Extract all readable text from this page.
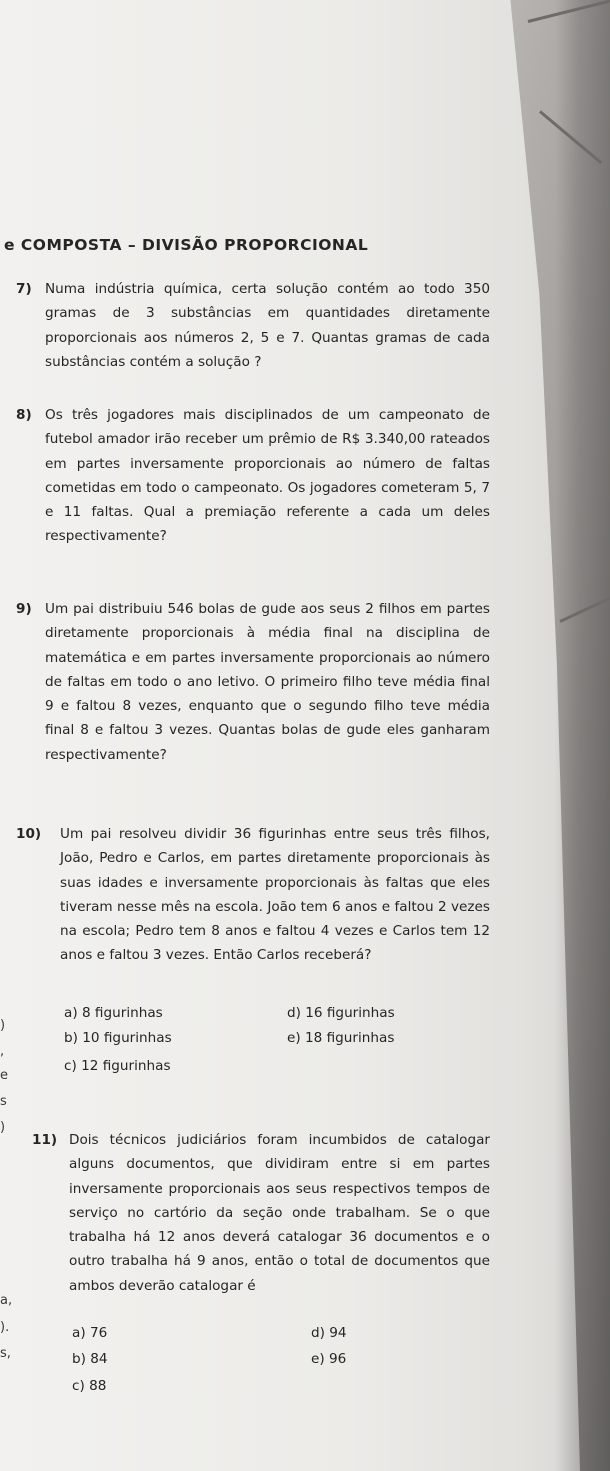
e COMPOSTA – DIVISÃO PROPORCIONAL
7) Numa indústria química, certa solução contém ao todo 350 gramas de 3 substâncias em quantidades diretamente proporcionais aos números 2, 5 e 7. Quantas gramas de cada substâncias contém a solução ?
8) Os três jogadores mais disciplinados de um campeonato de futebol amador irão receber um prêmio de R$ 3.340,00 rateados em partes inversamente proporcionais ao número de faltas cometidas em todo o campeonato. Os jogadores cometeram 5, 7 e 11 faltas. Qual a premiação referente a cada um deles respectivamente?
9) Um pai distribuiu 546 bolas de gude aos seus 2 filhos em partes diretamente proporcionais à média final na disciplina de matemática e em partes inversamente proporcionais ao número de faltas em todo o ano letivo. O primeiro filho teve média final 9 e faltou 8 vezes, enquanto que o segundo filho teve média final 8 e faltou 3 vezes. Quantas bolas de gude eles ganharam respectivamente?
10) Um pai resolveu dividir 36 figurinhas entre seus três filhos, João, Pedro e Carlos, em partes diretamente proporcionais às suas idades e inversamente proporcionais às faltas que eles tiveram nesse mês na escola. João tem 6 anos e faltou 2 vezes na escola; Pedro tem 8 anos e faltou 4 vezes e Carlos tem 12 anos e faltou 3 vezes. Então Carlos receberá?
a) 8 figurinhas
b) 10 figurinhas
c) 12 figurinhas
d) 16 figurinhas
e) 18 figurinhas
11) Dois técnicos judiciários foram incumbidos de catalogar alguns documentos, que dividiram entre si em partes inversamente proporcionais aos seus respectivos tempos de serviço no cartório da seção onde trabalham. Se o que trabalha há 12 anos deverá catalogar 36 documentos e o outro trabalha há 9 anos, então o total de documentos que ambos deverão catalogar é
a) 76
b) 84
c) 88
d) 94
e) 96
)
,
e
s
)
a,
).
s,
